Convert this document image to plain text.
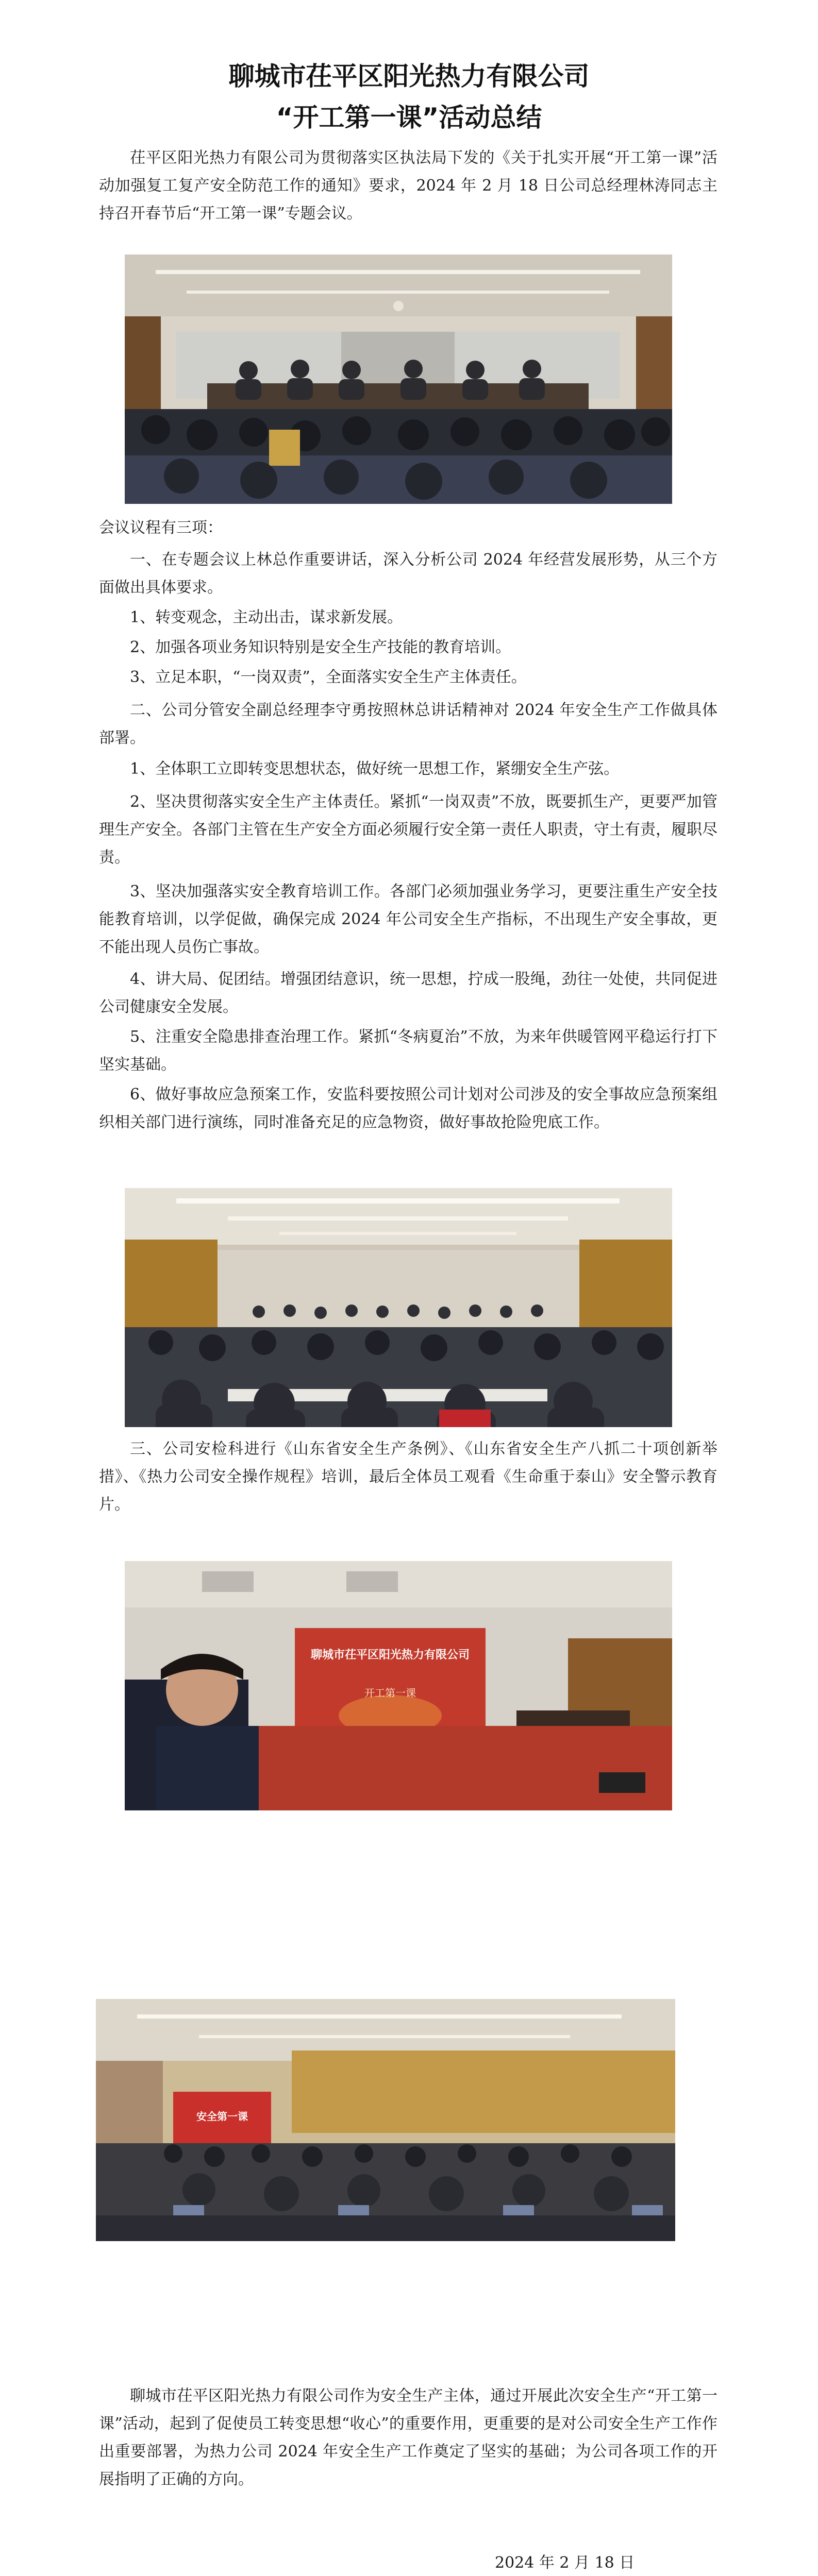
聊城市茌平区阳光热力有限公司
“开工第一课”活动总结

茌平区阳光热力有限公司为贯彻落实区执法局下发的《关于扎实开展“开工第一课”活动加强复工复产安全防范工作的通知》要求，2024 年 2 月 18 日公司总经理林涛同志主持召开春节后“开工第一课”专题会议。

会议议程有三项：

一、在专题会议上林总作重要讲话，深入分析公司 2024 年经营发展形势，从三个方面做出具体要求。

1、转变观念，主动出击，谋求新发展。

2、加强各项业务知识特别是安全生产技能的教育培训。

3、立足本职，“一岗双责”，全面落实安全生产主体责任。

二、公司分管安全副总经理李守勇按照林总讲话精神对 2024 年安全生产工作做具体部署。

1、全体职工立即转变思想状态，做好统一思想工作，紧绷安全生产弦。

2、坚决贯彻落实安全生产主体责任。紧抓“一岗双责”不放，既要抓生产，更要严加管理生产安全。各部门主管在生产安全方面必须履行安全第一责任人职责，守土有责，履职尽责。

3、坚决加强落实安全教育培训工作。各部门必须加强业务学习，更要注重生产安全技能教育培训，以学促做，确保完成 2024 年公司安全生产指标，不出现生产安全事故，更不能出现人员伤亡事故。

4、讲大局、促团结。增强团结意识，统一思想，拧成一股绳，劲往一处使，共同促进公司健康安全发展。

5、注重安全隐患排查治理工作。紧抓“冬病夏治”不放，为来年供暖管网平稳运行打下坚实基础。

6、做好事故应急预案工作，安监科要按照公司计划对公司涉及的安全事故应急预案组织相关部门进行演练，同时准备充足的应急物资，做好事故抢险兜底工作。

三、公司安检科进行《山东省安全生产条例》、《山东省安全生产八抓二十项创新举措》、《热力公司安全操作规程》培训，最后全体员工观看《生命重于泰山》安全警示教育片。

聊城市茌平区阳光热力有限公司
开工第一课
安全第一课

聊城市茌平区阳光热力有限公司作为安全生产主体，通过开展此次安全生产“开工第一课”活动，起到了促使员工转变思想“收心”的重要作用，更重要的是对公司安全生产工作作出重要部署，为热力公司 2024 年安全生产工作奠定了坚实的基础；为公司各项工作的开展指明了正确的方向。

2024 年 2 月 18 日
